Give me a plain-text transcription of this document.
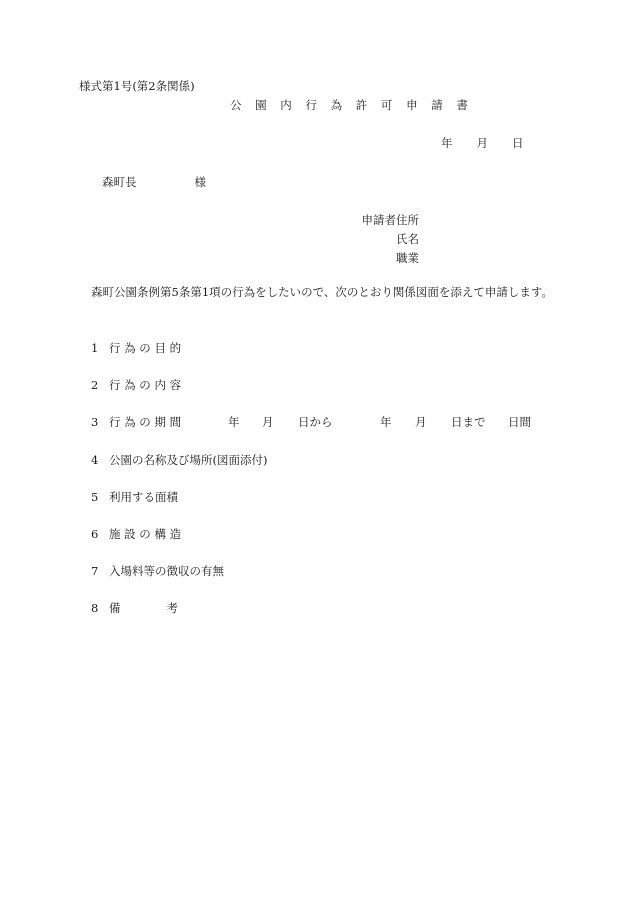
様式第1号(第2条関係)
公 園 内 行 為 許 可 申 請 書
年 月 日
森町長	様
申請者住所
氏名
職業
森町公園条例第5条第1項の行為をしたいので、次のとおり関係図面を添えて申請します。
1 行 為 の 目 的
2 行 為 の 内 容
3 行 為 の 期 間	年 月 日から	年 月 日まで 日間
4 公園の名称及び場所(図面添付)
5 利用する面積
6 施 設 の 構 造
7 入場料等の徴収の有無
8 備　　　　考
